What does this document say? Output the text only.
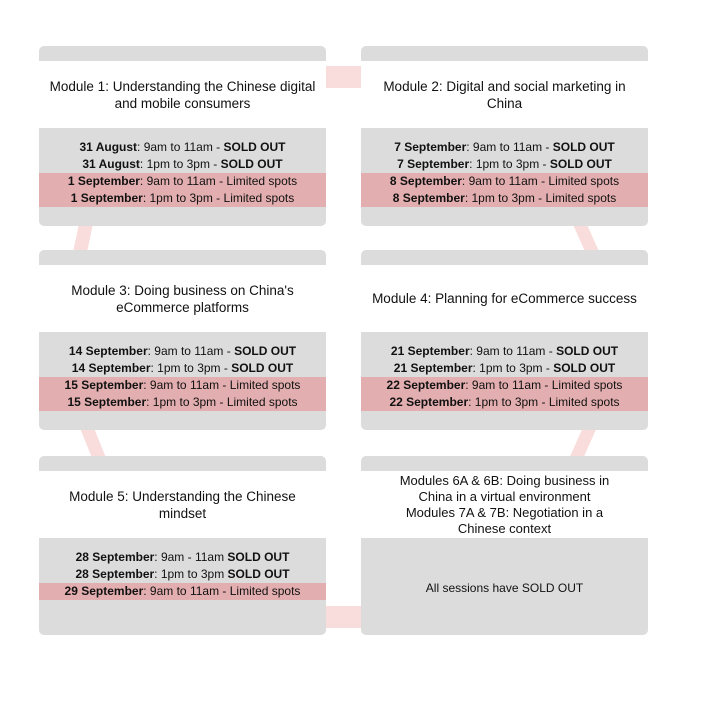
Module 1: Understanding the Chinese digital and mobile consumers
31 August: 9am to 11am - SOLD OUT
31 August: 1pm to 3pm - SOLD OUT
1 September: 9am to 11am - Limited spots
1 September: 1pm to 3pm - Limited spots
Module 2: Digital and social marketing in China
7 September: 9am to 11am - SOLD OUT
7 September: 1pm to 3pm - SOLD OUT
8 September: 9am to 11am - Limited spots
8 September: 1pm to 3pm - Limited spots
Module 3: Doing business on China's eCommerce platforms
14 September: 9am to 11am - SOLD OUT
14 September: 1pm to 3pm - SOLD OUT
15 September: 9am to 11am - Limited spots
15 September: 1pm to 3pm - Limited spots
Module 4: Planning for eCommerce success
21 September: 9am to 11am - SOLD OUT
21 September: 1pm to 3pm - SOLD OUT
22 September: 9am to 11am - Limited spots
22 September: 1pm to 3pm - Limited spots
Module 5: Understanding the Chinese mindset
28 September: 9am - 11am SOLD OUT
28 September: 1pm to 3pm SOLD OUT
29 September: 9am to 11am - Limited spots
Modules 6A & 6B: Doing business in China in a virtual environment
Modules 7A & 7B: Negotiation in a Chinese context
All sessions have
SOLD OUT
